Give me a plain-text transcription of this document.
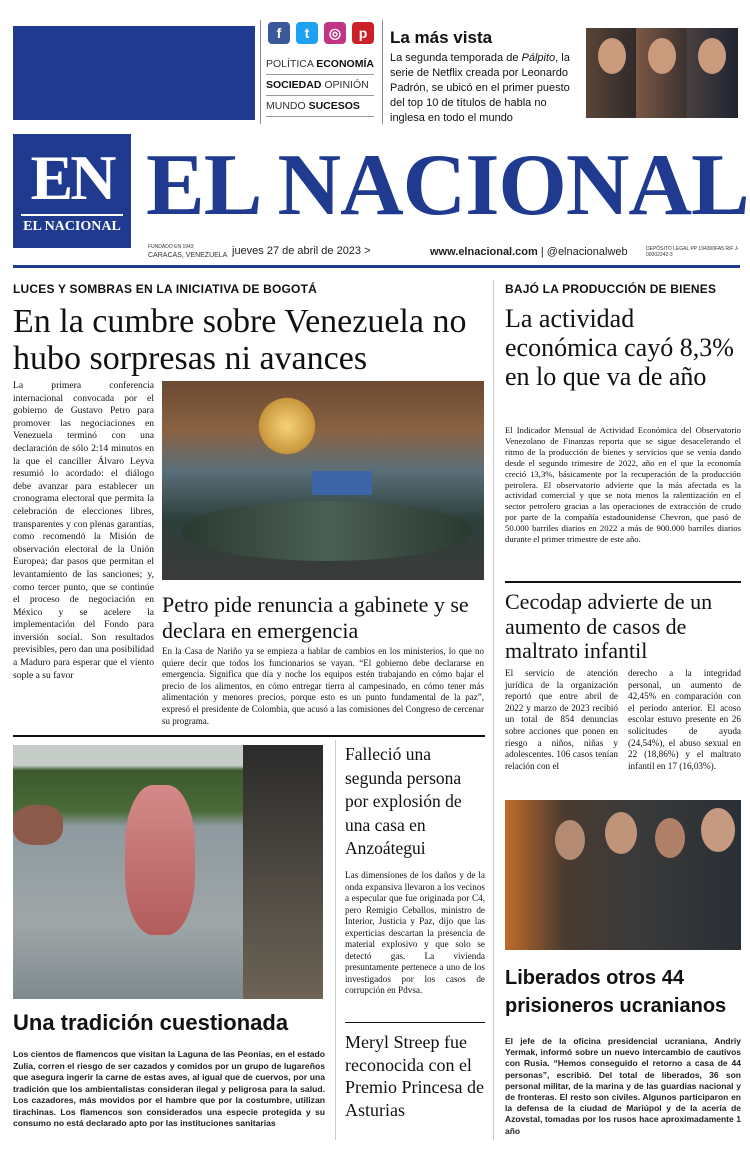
f	t	◎	p
POLÍTICA ECONOMÍA
SOCIEDAD OPINIÓN
MUNDO SUCESOS
La más vista
La segunda temporada de Pálpito, la serie de Netflix creada por Leonardo Padrón, se ubicó en el primer puesto del top 10 de títulos de habla no inglesa en todo el mundo
EN
EL NACIONAL EL NACIONAL
FUNDADO EN 1943
CARACAS, VENEZUELA jueves 27 de abril de 2023 >	www.elnacional.com | @elnacionalweb	DEPÓSITO LEGAL PP 194300FA5 RIF J-00002242-3
LUCES Y SOMBRAS EN LA INICIATIVA DE BOGOTÁ
En la cumbre sobre Venezuela no hubo sorpresas ni avances
La primera conferencia internacional convocada por el gobierno de Gustavo Petro para promover las negociaciones en Venezuela terminó con una declaración de sólo 2:14 minutos en la que el canciller Álvaro Leyva resumió lo acordado: el diálogo debe avanzar para establecer un cronograma electoral que permita la celebración de elecciones libres, transparentes y con plenas garantías, como recomendó la Misión de observación electoral de la Unión Europea; dar pasos que permitan el levantamiento de las sanciones; y, como tercer punto, que se continúe el proceso de negociación en México y se acelere la implementación del Fondo para inversión social. Son resultados previsibles, pero dan una posibilidad a Maduro para esperar que el viento sople a su favor
Petro pide renuncia a gabinete y se declara en emergencia
En la Casa de Nariño ya se empieza a hablar de cambios en los ministerios, lo que no quiere decir que todos los funcionarios se vayan. “El gobierno debe declararse en emergencia. Significa que día y noche los equipos estén trabajando en cómo bajar el precio de los alimentos, en cómo entregar tierra al campesinado, en cómo tener más alimentación y menores precios, porque esto es un punto fundamental de la paz”, expresó el presidente de Colombia, que acusó a las comisiones del Congreso de cercenar su programa.
Una tradición cuestionada
Los cientos de flamencos que visitan la Laguna de las Peonías, en el estado Zulia, corren el riesgo de ser cazados y comidos por un grupo de lugareños que asegura ingerir la carne de estas aves, al igual que de cuervos, por una tradición que los ambientalistas consideran ilegal y peligrosa para la salud. Los cazadores, más movidos por el hambre que por la costumbre, utilizan tirachinas. Los flamencos son considerados una especie protegida y su consumo no está declarado apto por las instituciones sanitarias
Falleció una segunda persona por explosión de una casa en Anzoátegui
Las dimensiones de los daños y de la onda expansiva llevaron a los vecinos a especular que fue originada por C4, pero Remigio Ceballos, ministro de Interior, Justicia y Paz, dijo que las experticias descartan la presencia de material explosivo y que solo se detectó gas. La vivienda presuntamente pertenece a uno de los investigados por los casos de corrupción en Pdvsa.
Meryl Streep fue reconocida con el Premio Princesa de Asturias
BAJÓ LA PRODUCCIÓN DE BIENES
La actividad económica cayó 8,3% en lo que va de año
El Indicador Mensual de Actividad Económica del Observatorio Venezolano de Finanzas reporta que se sigue desacelerando el ritmo de la producción de bienes y servicios que se venía dando desde el segundo trimestre de 2022, año en el que la economía creció 13,3%, básicamente por la recuperación de la producción petrolera. El observatorio advierte que la más afectada es la actividad comercial y que se nota menos la ralentización en el sector petrolero gracias a las operaciones de extracción de crudo por parte de la compañía estadounidense Chevron, que pasó de 50.000 barriles diarios en 2022 a más de 900.000 barriles diarios durante el primer trimestre de este año.
Cecodap advierte de un aumento de casos de maltrato infantil
El servicio de atención jurídica de la organización reportó que entre abril de 2022 y marzo de 2023 recibió un total de 854 denuncias sobre acciones que ponen en riesgo a niños, niñas y adolescentes. 106 casos tenían relación con el
derecho a la integridad personal, un aumento de 42,45% en comparación con el período anterior. El acoso escolar estuvo presente en 26 solicitudes de ayuda (24,54%), el abuso sexual en 22 (18,86%) y el maltrato infantil en 17 (16,03%).
Liberados otros 44 prisioneros ucranianos
El jefe de la oficina presidencial ucraniana, Andriy Yermak, informó sobre un nuevo intercambio de cautivos con Rusia. “Hemos conseguido el retorno a casa de 44 personas”, escribió. Del total de liberados, 36 son personal militar, de la marina y de las guardias nacional y de fronteras. El resto son civiles. Algunos participaron en la defensa de la ciudad de Mariúpol y de la acería de Azovstal, tomadas por los rusos hace aproximadamente 1 año
